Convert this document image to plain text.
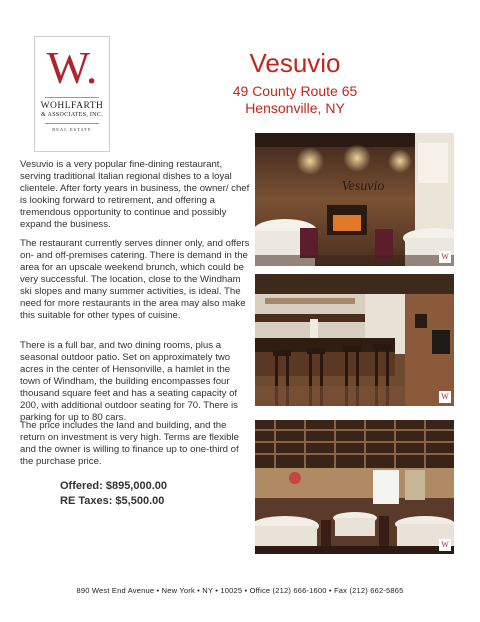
W.
WOHLFARTH
& ASSOCIATES, INC.
REAL ESTATE
Vesuvio
49 County Route 65
Hensonville, NY
Vesuvio is a very popular fine-dining restaurant, serving traditional Italian regional dishes to a loyal clientele. After forty years in business, the owner/ chef is looking forward to retirement, and offering a tremendous opportunity to continue and possibly expand the business.
The restaurant currently serves dinner only, and offers on- and off-premises catering. There is demand in the area for an upscale weekend brunch, which could be very successful. The location, close to the Windham ski slopes and many summer activities, is ideal. The need for more restaurants in the area may also make this suitable for other types of cuisine.
There is a full bar, and two dining rooms, plus a seasonal outdoor patio. Set on approximately two acres in the center of Hensonville, a hamlet in the town of Windham, the building encompasses four thousand square feet and has a seating capacity of 200, with additional outdoor seating for 70. There is parking for up to 80 cars.
The price includes the land and building, and the return on investment is very high. Terms are flexible and the owner is willing to finance up to one-third of the purchase price.
Offered: $895,000.00
RE Taxes: $5,500.00
Vesuvio
W
W
W
890 West End Avenue • New York • NY • 10025 • Office (212) 666-1600 • Fax (212) 662-5865
